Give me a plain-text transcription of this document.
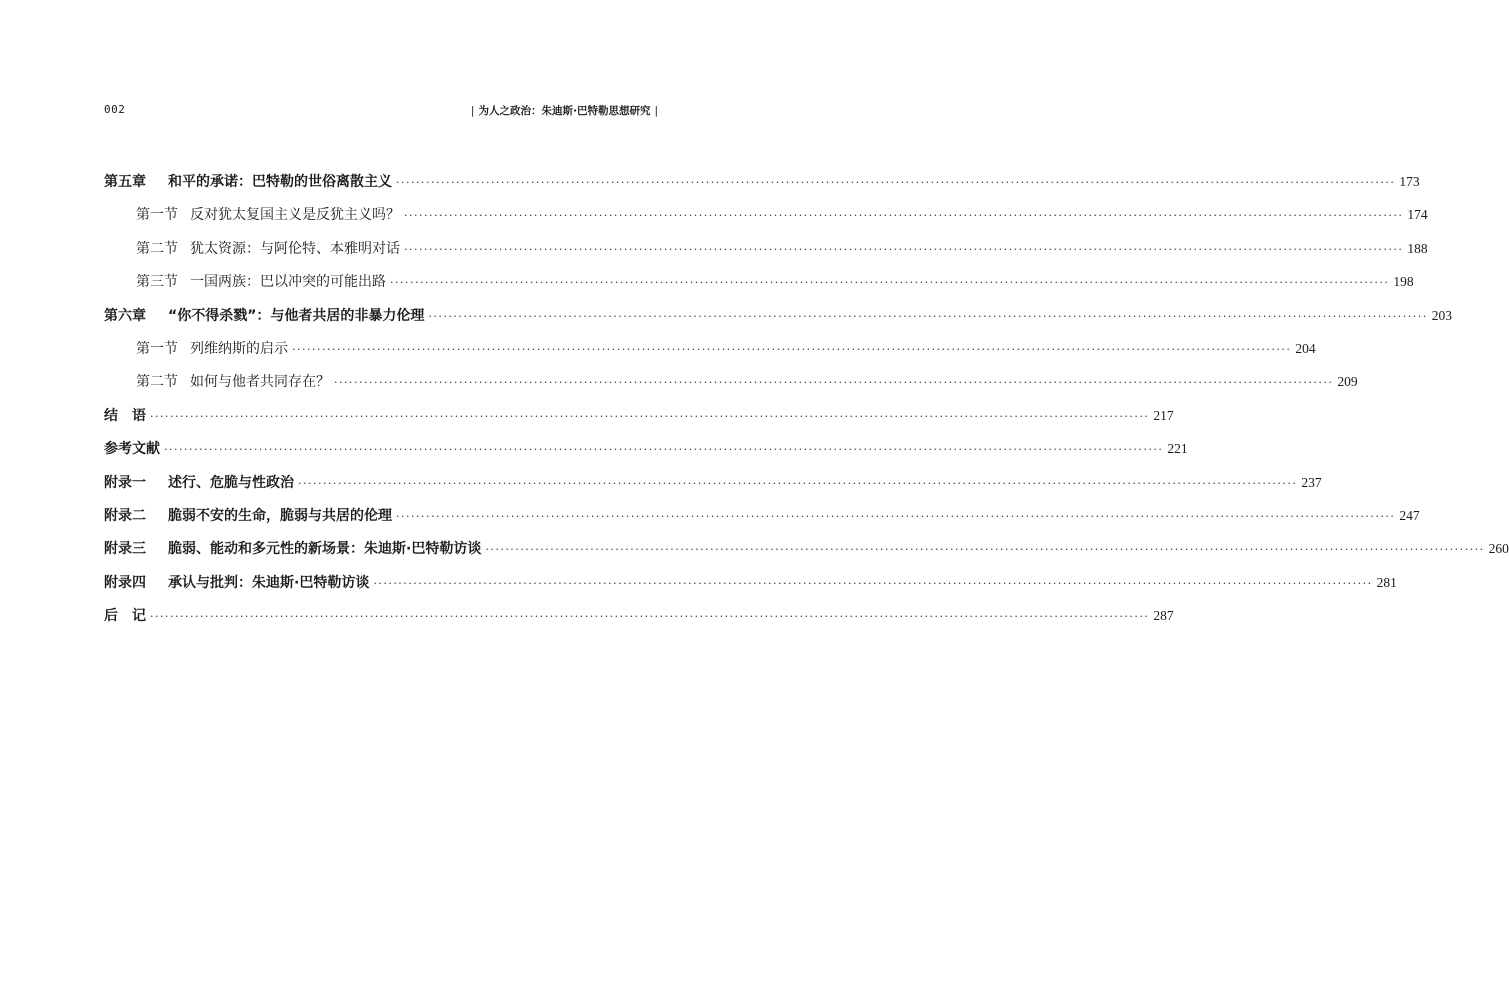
002	| 为人之政治：朱迪斯·巴特勒思想研究 |
第五章 和平的承诺：巴特勒的世俗离散主义 ········································································································································································································ 173
第一节 反对犹太复国主义是反犹主义吗？ ········································································································································································································ 174
第二节 犹太资源：与阿伦特、本雅明对话 ········································································································································································································ 188
第三节 一国两族：巴以冲突的可能出路 ········································································································································································································ 198
第六章 “你不得杀戮”：与他者共居的非暴力伦理 ········································································································································································································ 203
第一节 列维纳斯的启示 ········································································································································································································ 204
第二节 如何与他者共同存在？ ········································································································································································································ 209
结　语 ········································································································································································································ 217
参考文献 ········································································································································································································ 221
附录一 述行、危脆与性政治 ········································································································································································································ 237
附录二 脆弱不安的生命，脆弱与共居的伦理 ········································································································································································································ 247
附录三 脆弱、能动和多元性的新场景：朱迪斯·巴特勒访谈 ········································································································································································································ 260
附录四 承认与批判：朱迪斯·巴特勒访谈 ········································································································································································································ 281
后　记 ········································································································································································································ 287
